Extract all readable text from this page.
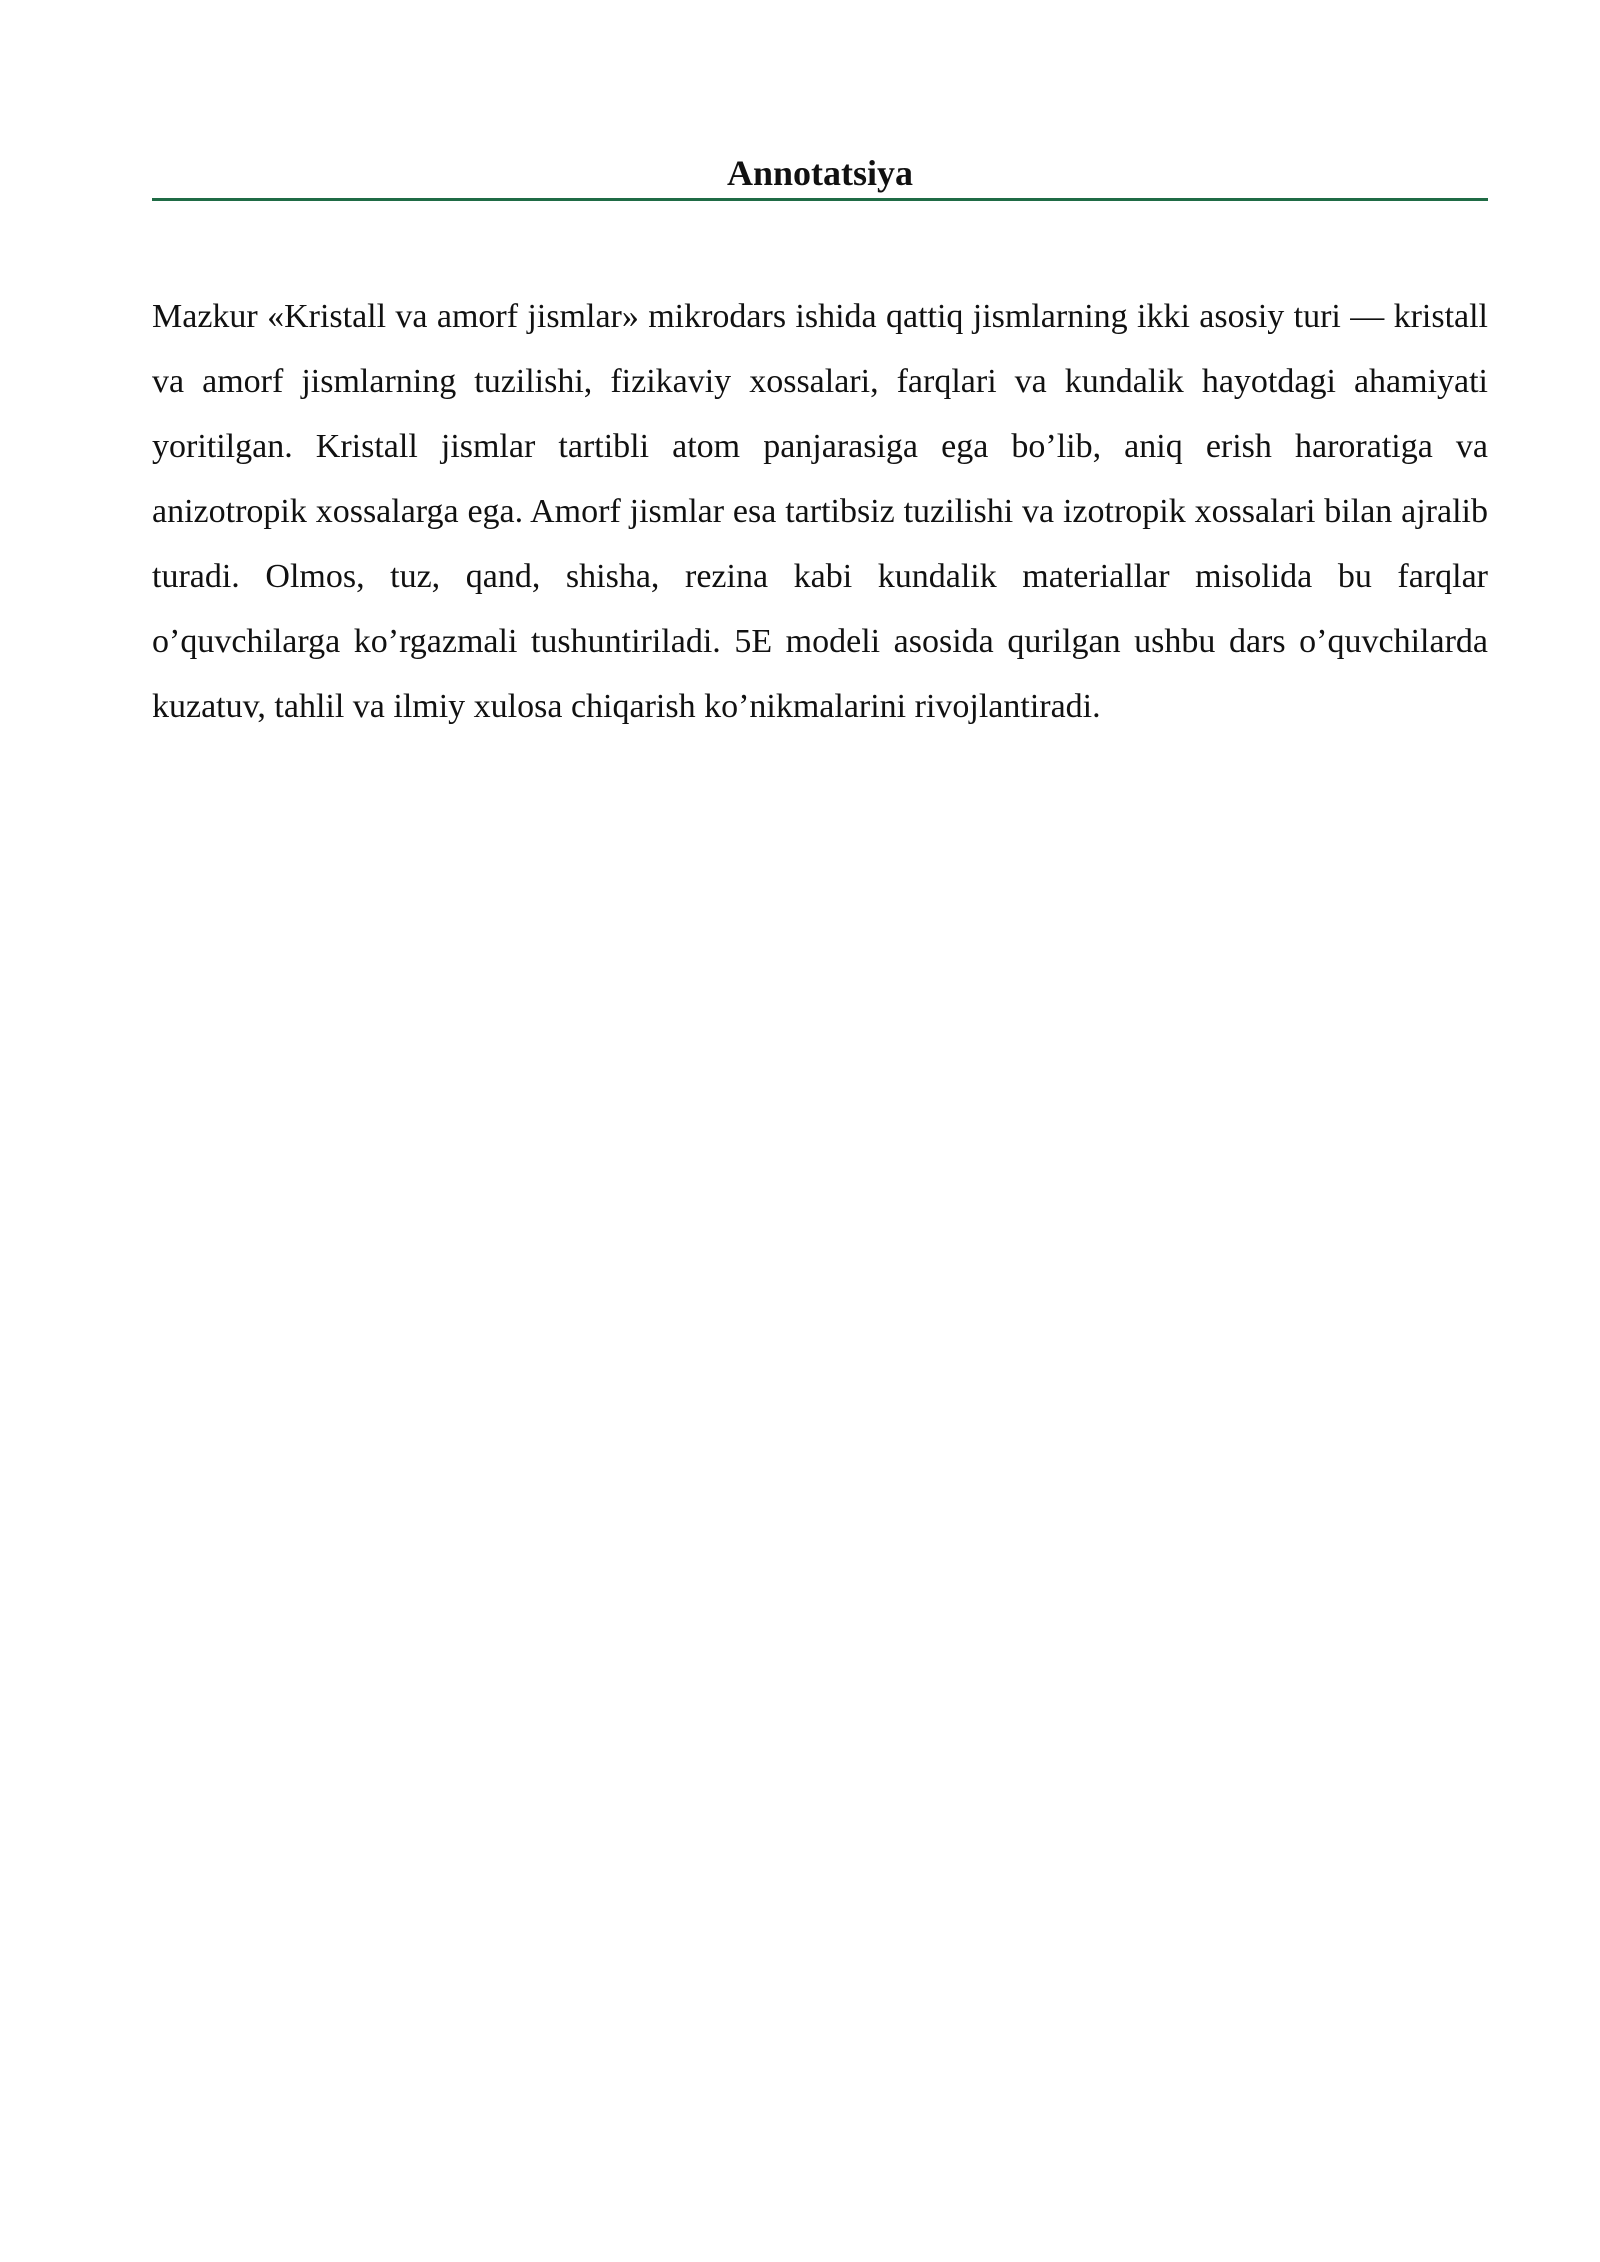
Annotatsiya

Mazkur «Kristall va amorf jismlar» mikrodars ishida qattiq jismlarning ikki asosiy turi — kristall va amorf jismlarning tuzilishi, fizikaviy xossalari, farqlari va kundalik hayotdagi ahamiyati yoritilgan. Kristall jismlar tartibli atom panjarasiga ega bo’lib, aniq erish haroratiga va anizotropik xossalarga ega. Amorf jismlar esa tartibsiz tuzilishi va izotropik xossalari bilan ajralib turadi. Olmos, tuz, qand, shisha, rezina kabi kundalik materiallar misolida bu farqlar o’quvchilarga ko’rgazmali tushuntiriladi. 5E modeli asosida qurilgan ushbu dars o’quvchilarda kuzatuv, tahlil va ilmiy xulosa chiqarish ko’nikmalarini rivojlantiradi.
